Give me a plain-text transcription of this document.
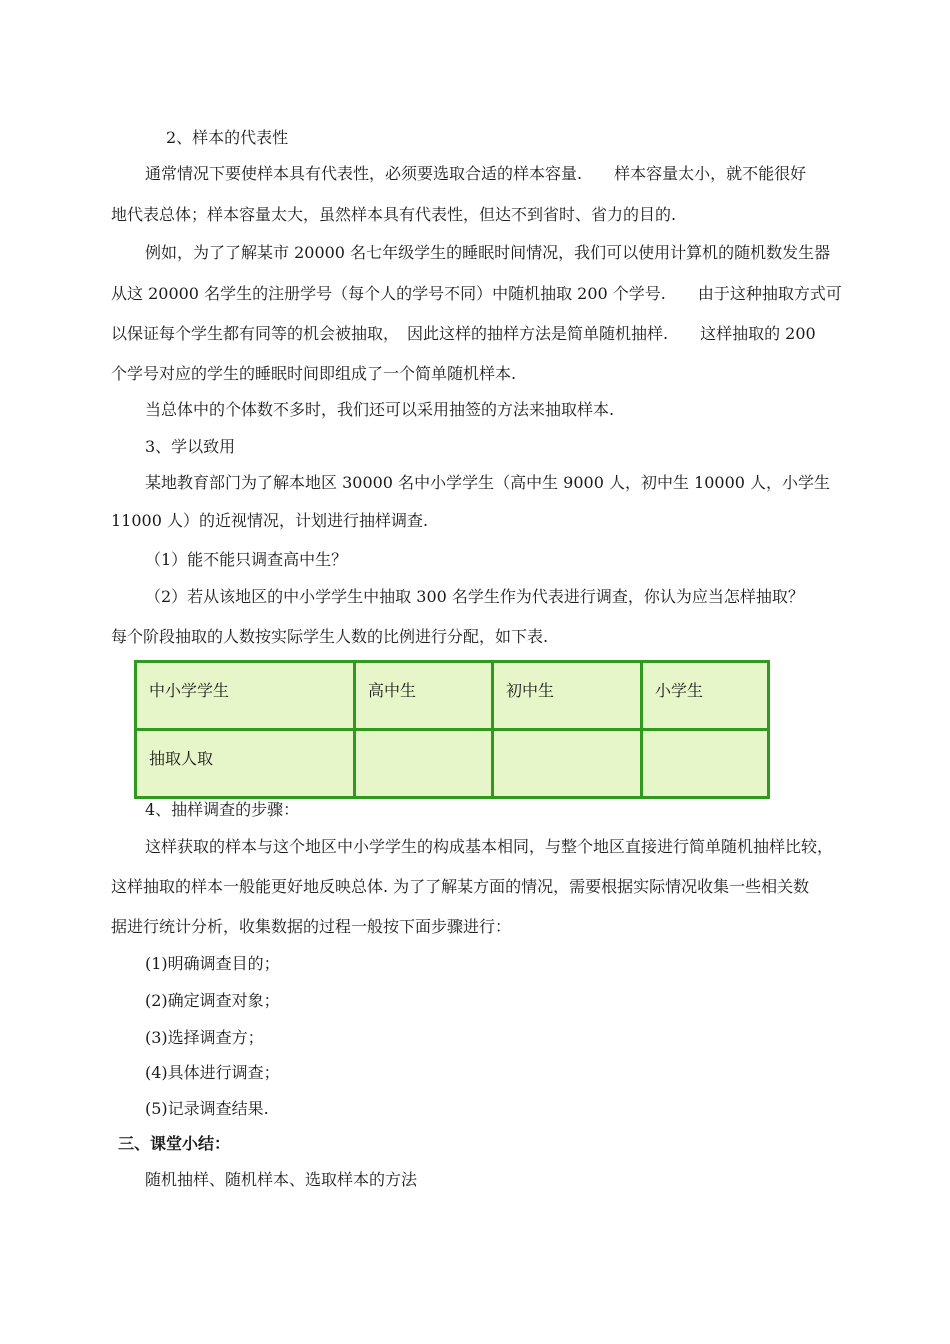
2、样本的代表性
通常情况下要使样本具有代表性，必须要选取合适的样本容量.　　样本容量太小，就不能很好
地代表总体；样本容量太大，虽然样本具有代表性，但达不到省时、省力的目的.
例如，为了了解某市 20000 名七年级学生的睡眠时间情况，我们可以使用计算机的随机数发生器
从这 20000 名学生的注册学号（每个人的学号不同）中随机抽取 200 个学号.　　由于这种抽取方式可
以保证每个学生都有同等的机会被抽取，　因此这样的抽样方法是简单随机抽样.　　这样抽取的 200
个学号对应的学生的睡眠时间即组成了一个简单随机样本.
当总体中的个体数不多时，我们还可以采用抽签的方法来抽取样本.
3、学以致用
某地教育部门为了解本地区 30000 名中小学学生（高中生 9000 人，初中生 10000 人，小学生
11000 人）的近视情况，计划进行抽样调查.
（1）能不能只调查高中生？
（2）若从该地区的中小学学生中抽取 300 名学生作为代表进行调查，你认为应当怎样抽取？
每个阶段抽取的人数按实际学生人数的比例进行分配，如下表.
中小学学生	高中生	初中生	小学生
抽取人取			
4、抽样调查的步骤：
这样获取的样本与这个地区中小学学生的构成基本相同，与整个地区直接进行简单随机抽样比较，
这样抽取的样本一般能更好地反映总体. 为了了解某方面的情况，需要根据实际情况收集一些相关数
据进行统计分析，收集数据的过程一般按下面步骤进行：
(1)明确调查目的；
(2)确定调查对象；
(3)选择调查方；
(4)具体进行调查；
(5)记录调查结果.
三、课堂小结：
随机抽样、随机样本、选取样本的方法
